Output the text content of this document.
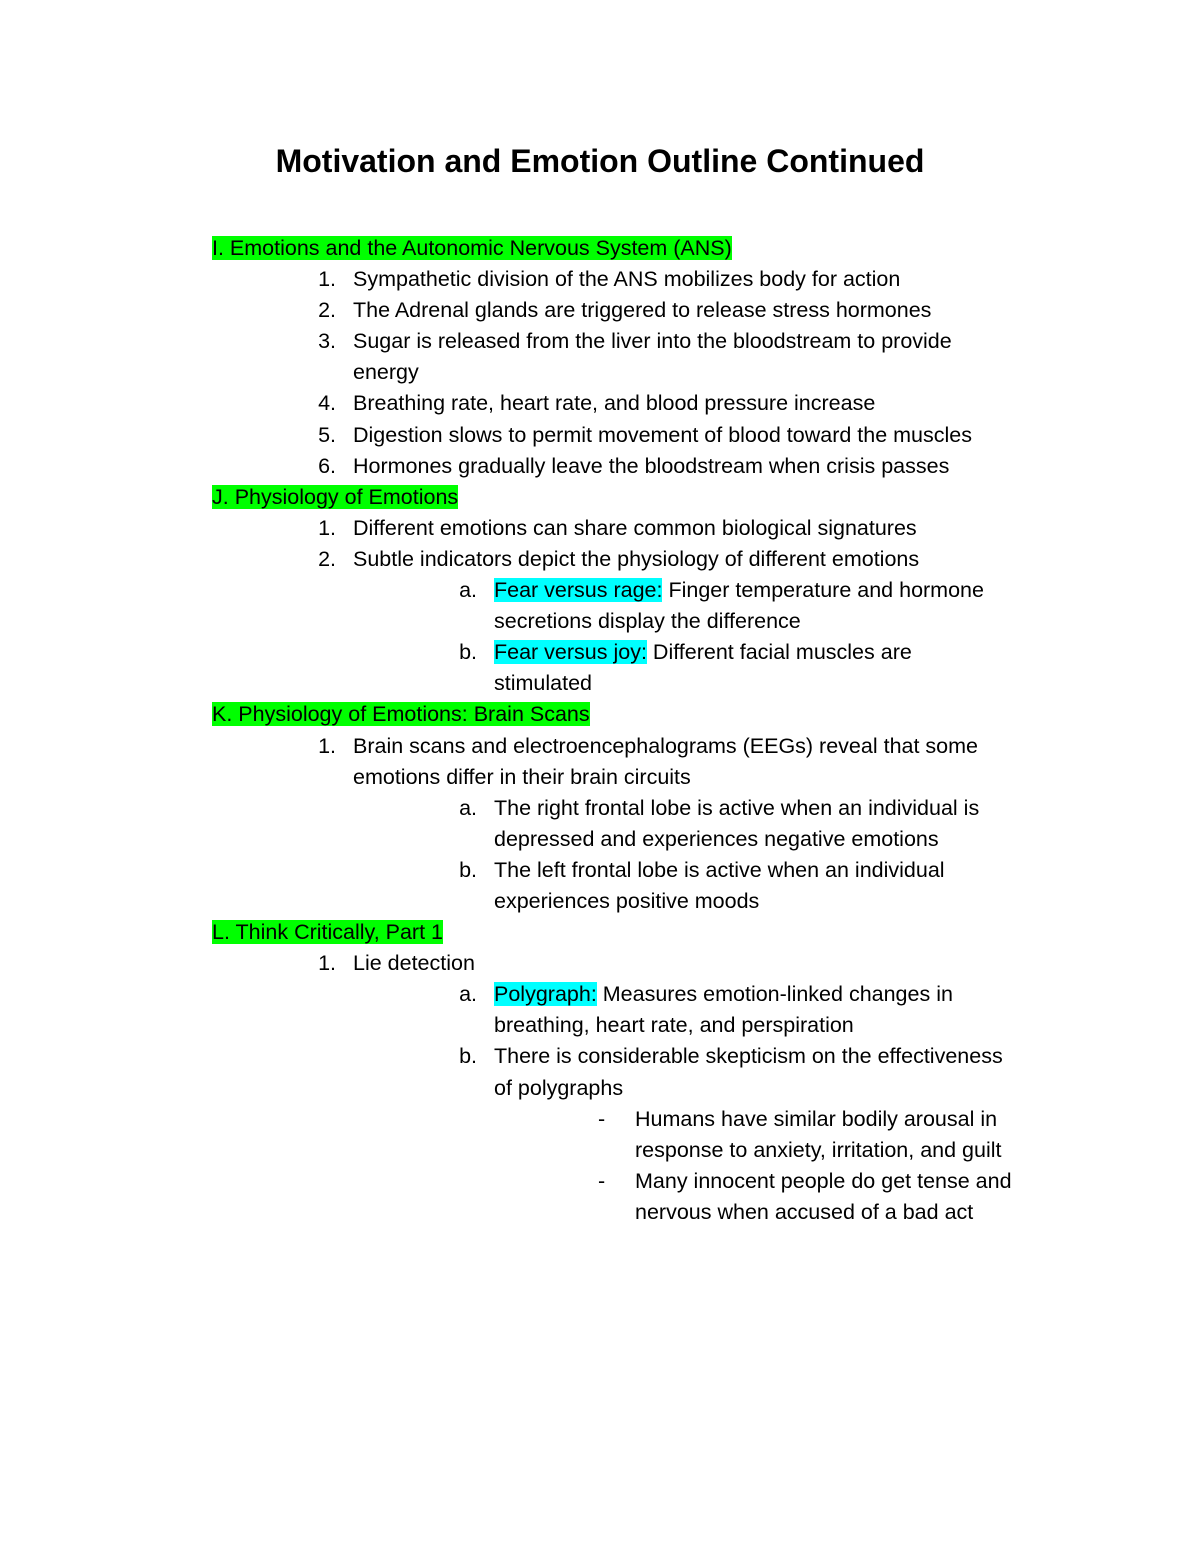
Motivation and Emotion Outline Continued
I. Emotions and the Autonomic Nervous System (ANS)
1. Sympathetic division of the ANS mobilizes body for action
2. The Adrenal glands are triggered to release stress hormones
3. Sugar is released from the liver into the bloodstream to provide
energy
4. Breathing rate, heart rate, and blood pressure increase
5. Digestion slows to permit movement of blood toward the muscles
6. Hormones gradually leave the bloodstream when crisis passes
J. Physiology of Emotions
1. Different emotions can share common biological signatures
2. Subtle indicators depict the physiology of different emotions
a. Fear versus rage: Finger temperature and hormone
secretions display the difference
b. Fear versus joy: Different facial muscles are
stimulated
K. Physiology of Emotions: Brain Scans
1. Brain scans and electroencephalograms (EEGs) reveal that some
emotions differ in their brain circuits
a. The right frontal lobe is active when an individual is
depressed and experiences negative emotions
b. The left frontal lobe is active when an individual
experiences positive moods
L. Think Critically, Part 1
1. Lie detection
a. Polygraph: Measures emotion-linked changes in
breathing, heart rate, and perspiration
b. There is considerable skepticism on the effectiveness
of polygraphs
-	Humans have similar bodily arousal in
response to anxiety, irritation, and guilt
-	Many innocent people do get tense and
nervous when accused of a bad act
